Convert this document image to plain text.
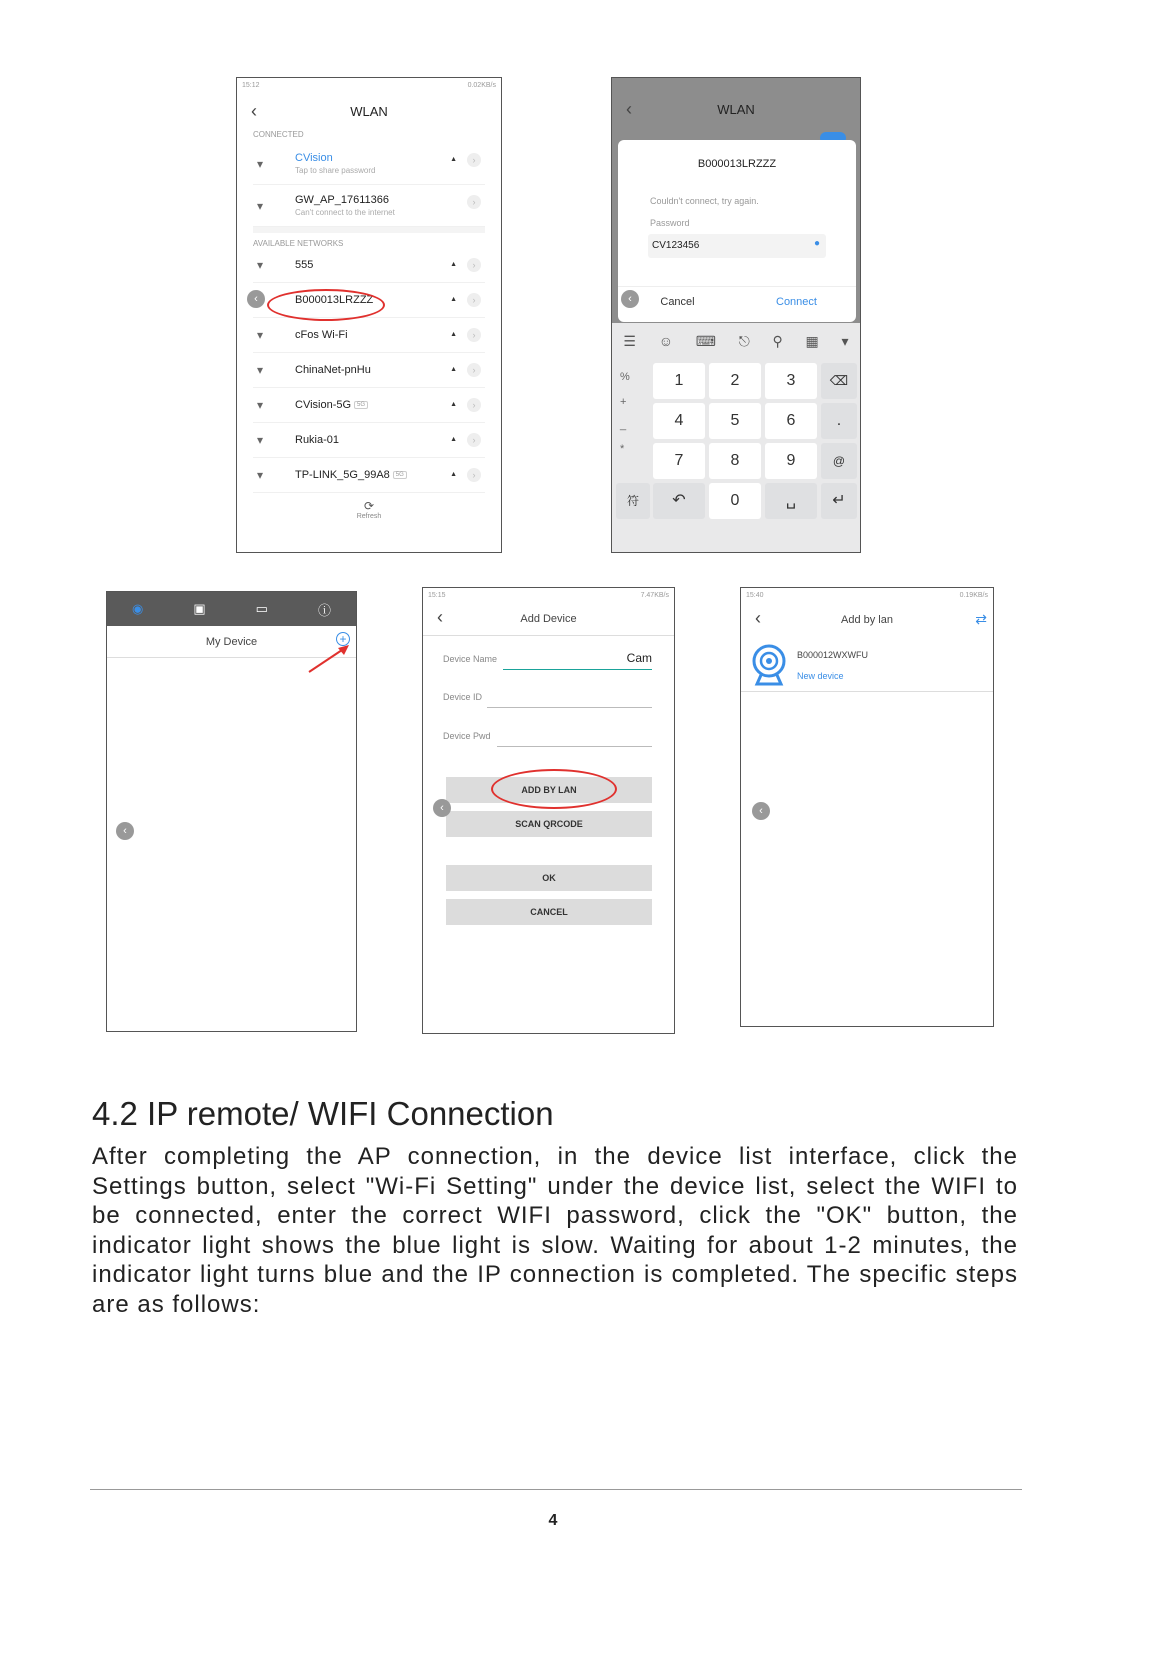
15:12	0.02KB/s
‹	WLAN
CONNECTED
▾	CVision
Tap to share password
▲	›
▾	GW_AP_17611366
Can't connect to the internet
›
AVAILABLE NETWORKS
▾	555	▲	›
B000013LRZZZ	▲	›
▾	cFos Wi-Fi	▲	›
▾	ChinaNet-pnHu	▲	›
▾	CVision-5G	5G	▲	›
▾	Rukia-01	▲	›
▾	TP-LINK_5G_99A8	5G	▲	›
⟳
Refresh
‹
‹	WLAN
B000013LRZZZ
Couldn't connect, try again.
Password
CV123456	●
Cancel	Connect
‹
☰ ☺ ⌨ ⎋ ⚲ ▦ ▾
%
+
_
*
1	2	3	⌫
4	5	6	.
7	8	9	@
符	↶	0	␣	↵
◉	▣	▭	ⓘ
My Device	+
‹
15:15	7.47KB/s
‹	Add Device
Device Name	Cam
Device ID
Device Pwd
ADD BY LAN
SCAN QRCODE
OK
CANCEL
‹
15:40	0.19KB/s
‹	Add by lan	⇄
B000012WXWFU
New device
‹
4.2 IP remote/ WIFI Connection

After completing the AP connection, in the device list interface, click the Settings button, select "Wi-Fi Setting" under the device list, select the WIFI to be connected, enter the correct WIFI password, click the "OK" button, the indicator light shows the blue light is slow. Waiting for about 1-2 minutes, the indicator light turns blue and the IP connection is completed. The specific steps are as follows:

4
